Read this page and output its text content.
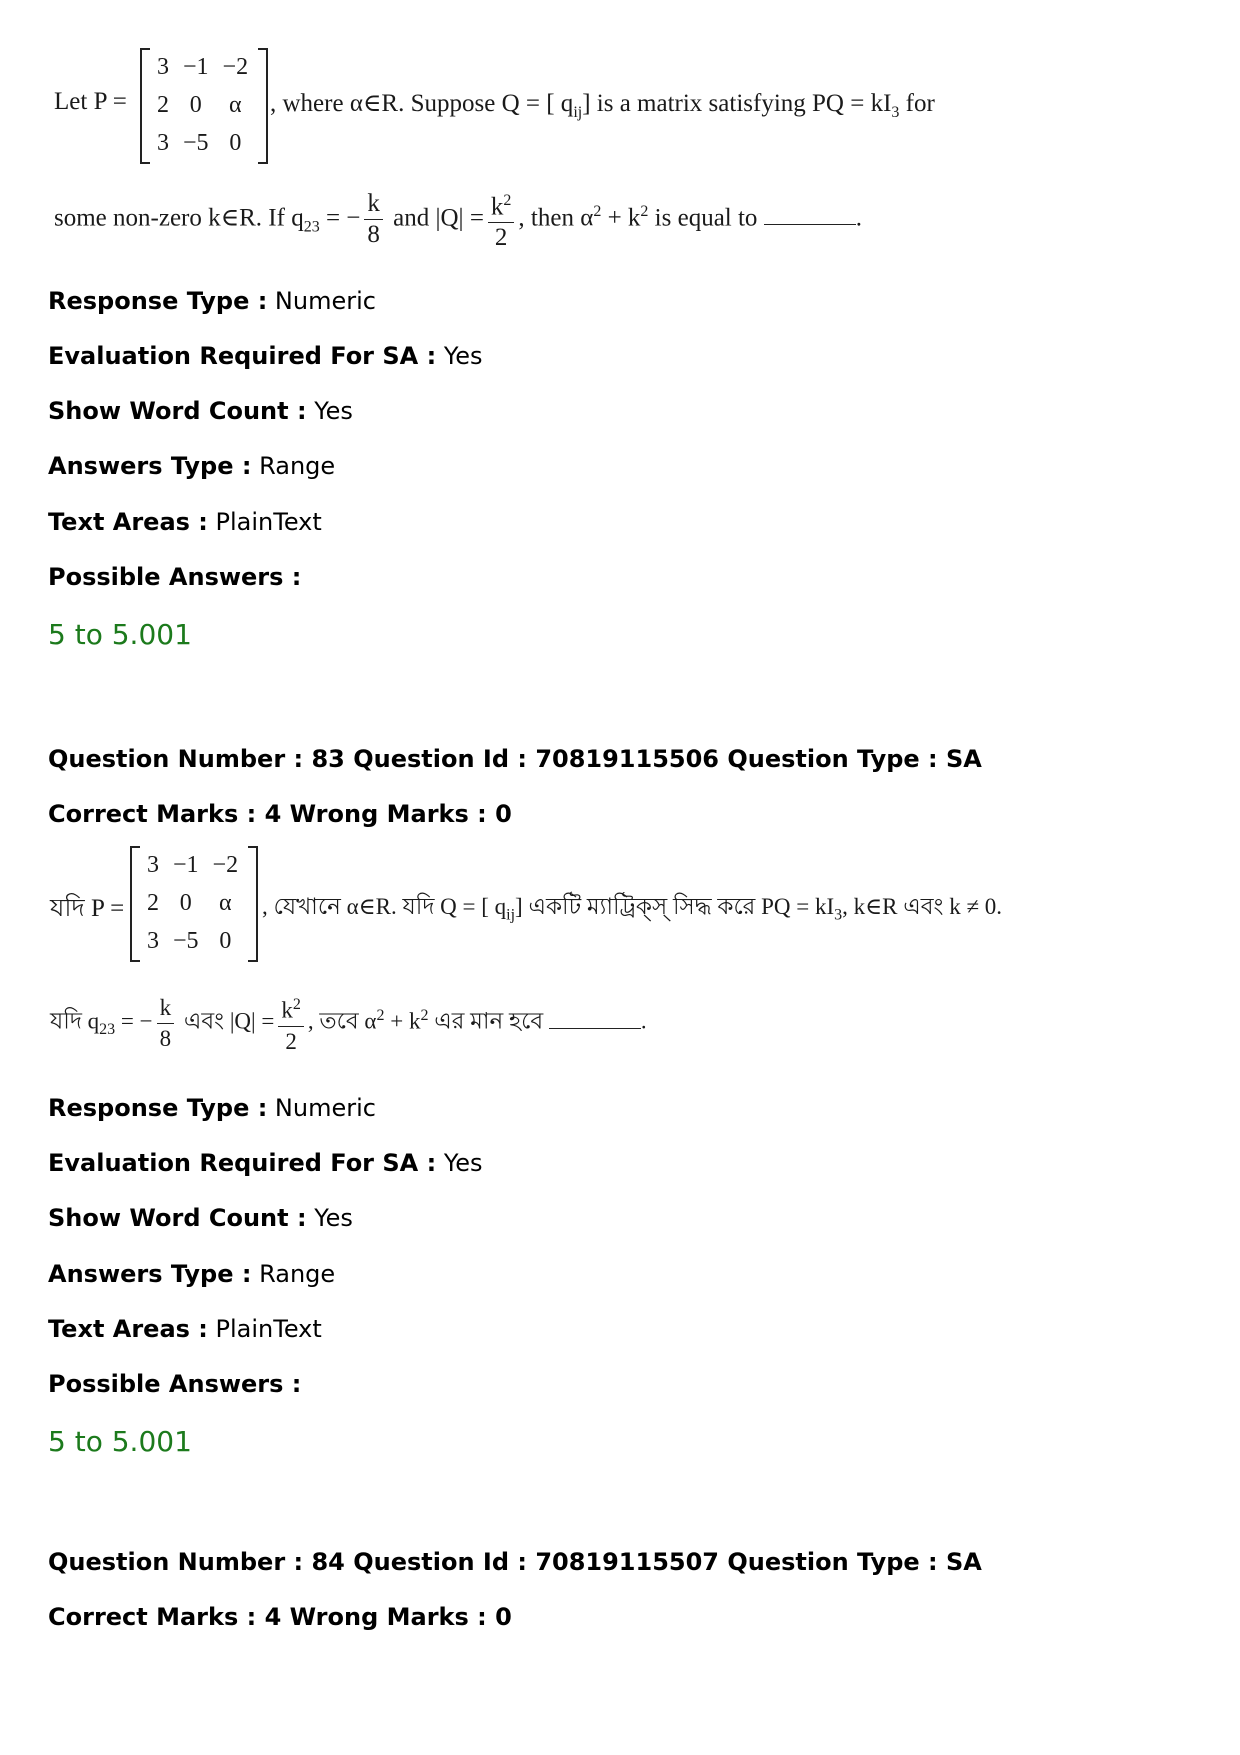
Let P =
3	−1	−2
2	0	α
3	−5	0
, where α∈R. Suppose Q = [ $q_{ij}$] is a matrix satisfying PQ = $kI_3$ for
some non-zero k∈R. If $q_{23}$ = − $\frac{k}{8}$ and $|Q| = \frac{k^2}{2}$ , then $\alpha^2 + k^2$ is equal to	.
Response Type : Numeric
Evaluation Required For SA : Yes
Show Word Count : Yes
Answers Type : Range
Text Areas : PlainText
Possible Answers :
5 to 5.001
Question Number : 83 Question Id : 70819115506 Question Type : SA
Correct Marks : 4 Wrong Marks : 0
যদি P =
3	−1	−2
2	0	α
3	−5	0
, যেখানে α∈R. যদি Q = [ $q_{ij}$] একটি ম্যাট্রিক্স্ সিদ্ধ করে PQ = $kI_3$, k∈R এবং k ≠ 0.
যদি $q_{23}$ = − $\frac{k}{8}$ এবং $|Q| = \frac{k^2}{2}$ , তবে $\alpha^2 + k^2$ এর মান হবে	.
Response Type : Numeric
Evaluation Required For SA : Yes
Show Word Count : Yes
Answers Type : Range
Text Areas : PlainText
Possible Answers :
5 to 5.001
Question Number : 84 Question Id : 70819115507 Question Type : SA
Correct Marks : 4 Wrong Marks : 0
